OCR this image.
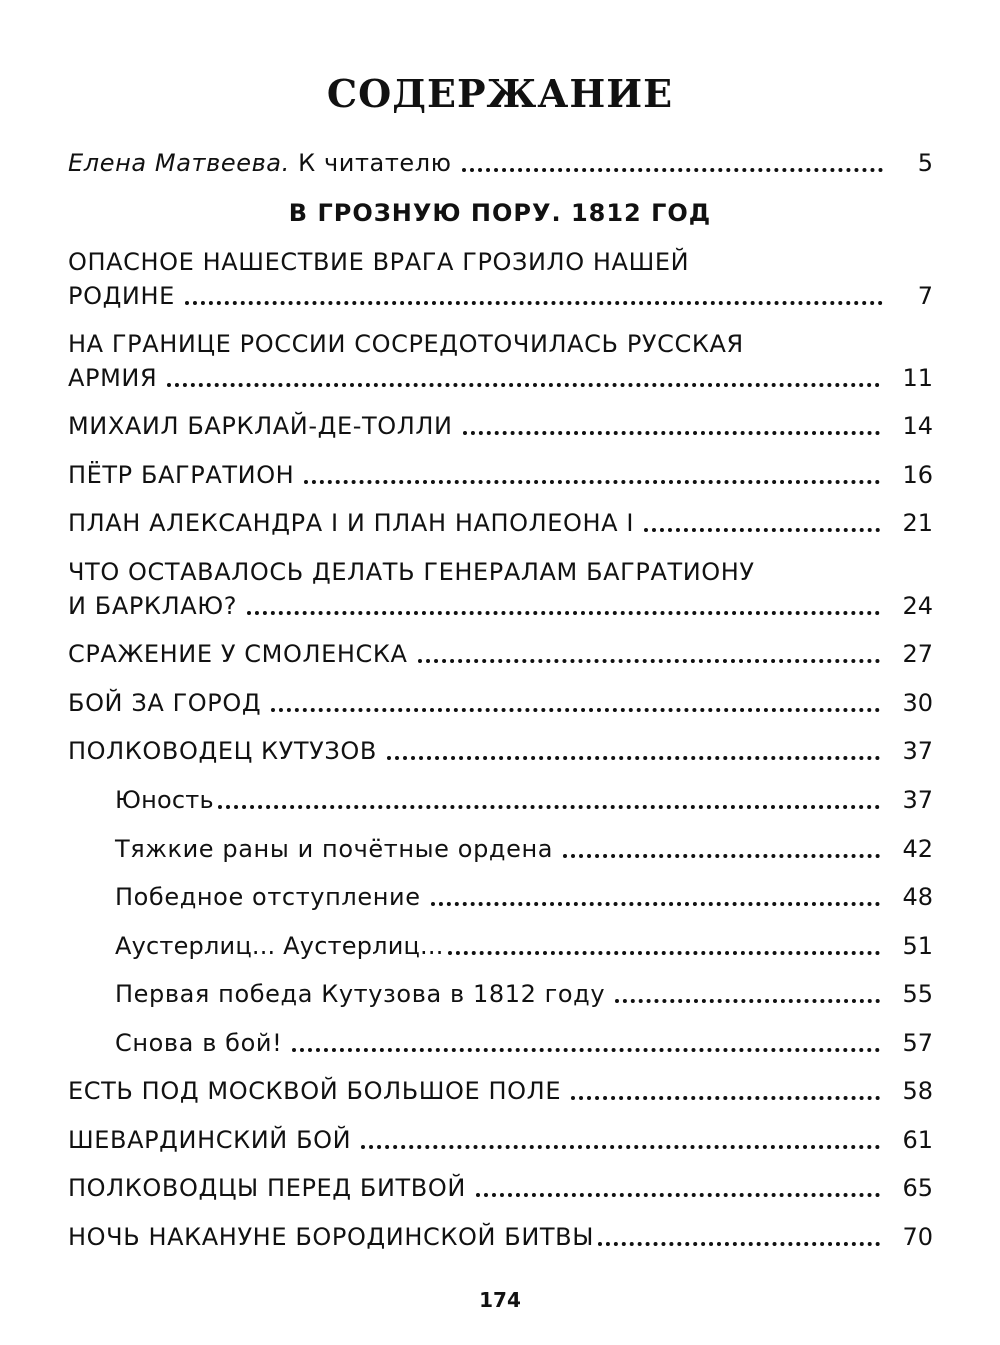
СОДЕРЖАНИЕ
Елена Матвеева. К читателю	5
В ГРОЗНУЮ ПОРУ. 1812 ГОД
ОПАСНОЕ НАШЕСТВИЕ ВРАГА ГРОЗИЛО НАШЕЙ
РОДИНЕ	7
НА ГРАНИЦЕ РОССИИ СОСРЕДОТОЧИЛАСЬ РУССКАЯ
АРМИЯ	11
МИХАИЛ БАРКЛАЙ-ДЕ-ТОЛЛИ	14
ПЁТР БАГРАТИОН	16
ПЛАН АЛЕКСАНДРА I И ПЛАН НАПОЛЕОНА I	21
ЧТО ОСТАВАЛОСЬ ДЕЛАТЬ ГЕНЕРАЛАМ БАГРАТИОНУ
И БАРКЛАЮ?	24
СРАЖЕНИЕ У СМОЛЕНСКА	27
БОЙ ЗА ГОРОД	30
ПОЛКОВОДЕЦ КУТУЗОВ	37
Юность	37
Тяжкие раны и почётные ордена	42
Победное отступление	48
Аустерлиц... Аустерлиц...	51
Первая победа Кутузова в 1812 году	55
Снова в бой!	57
ЕСТЬ ПОД МОСКВОЙ БОЛЬШОЕ ПОЛЕ	58
ШЕВАРДИНСКИЙ БОЙ	61
ПОЛКОВОДЦЫ ПЕРЕД БИТВОЙ	65
НОЧЬ НАКАНУНЕ БОРОДИНСКОЙ БИТВЫ	70
174
